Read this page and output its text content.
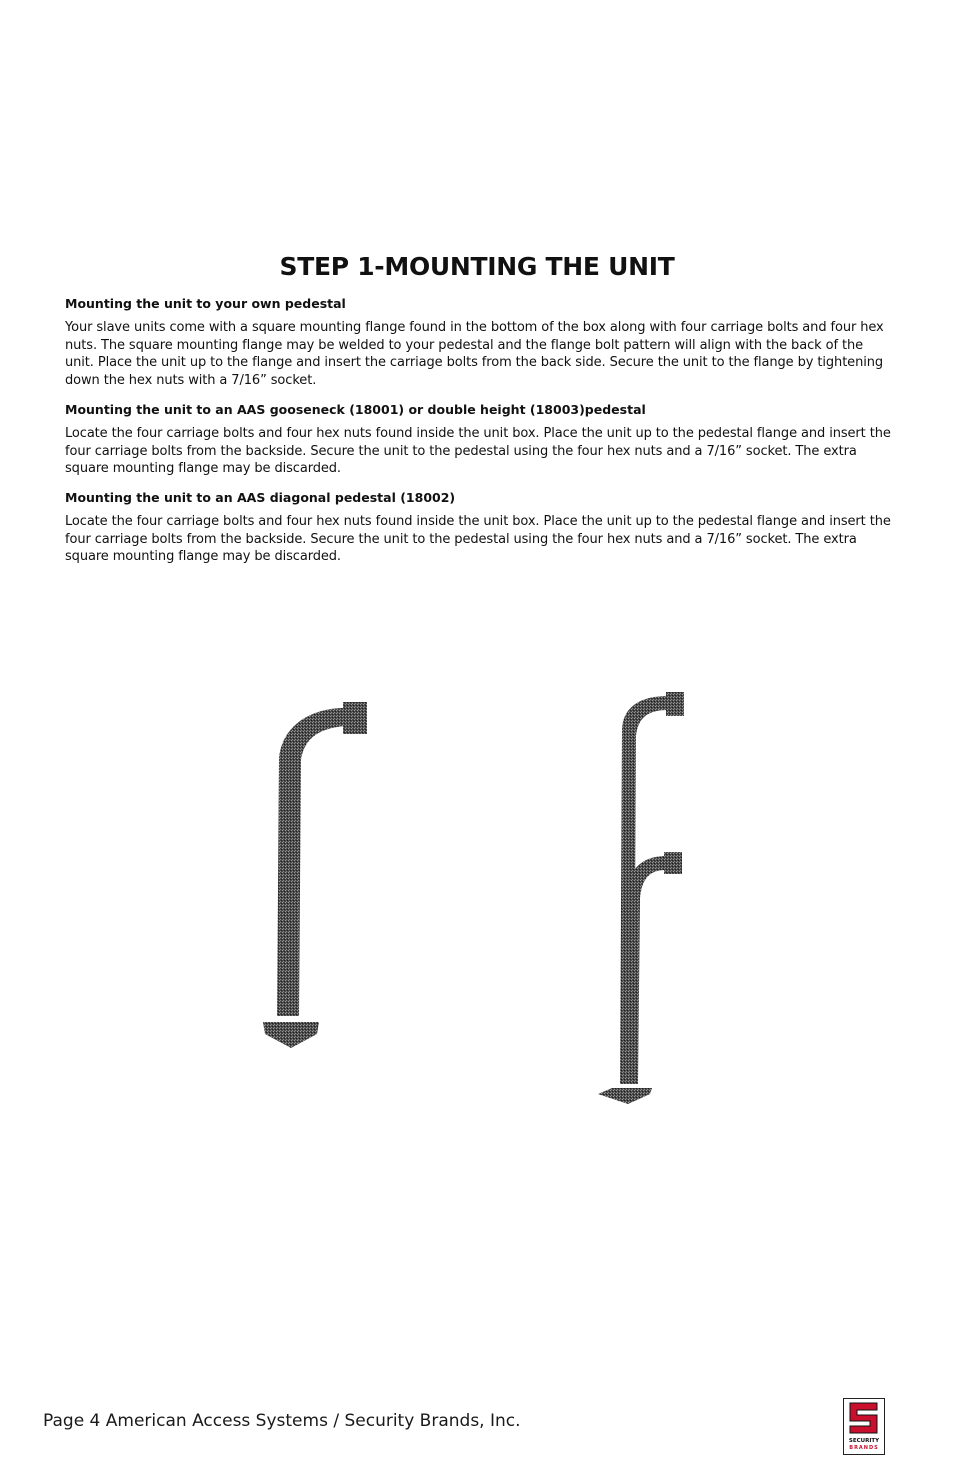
STEP 1-MOUNTING THE UNIT
Mounting the unit to your own pedestal

Your slave units come with a square mounting flange found in the bottom of the box along with four carriage bolts and four hex nuts. The square mounting flange may be welded to your pedestal and the flange bolt pattern will align with the back of the unit. Place the unit up to the flange and insert the carriage bolts from the back side. Secure the unit to the flange by tightening down the hex nuts with a 7/16” socket.

Mounting the unit to an AAS gooseneck (18001) or double height (18003)pedestal

Locate the four carriage bolts and four hex nuts found inside the unit box. Place the unit up to the pedestal flange and insert the four carriage bolts from the backside. Secure the unit to the pedestal using the four hex nuts and a 7/16” socket. The extra square mounting flange may be discarded.

Mounting the unit to an AAS diagonal pedestal (18002)

Locate the four carriage bolts and four hex nuts found inside the unit box. Place the unit up to the pedestal flange and insert the four carriage bolts from the backside. Secure the unit to the pedestal using the four hex nuts and a 7/16” socket. The extra square mounting flange may be discarded.

Page 4 American Access Systems / Security Brands, Inc.
SECURITY
BRANDS
